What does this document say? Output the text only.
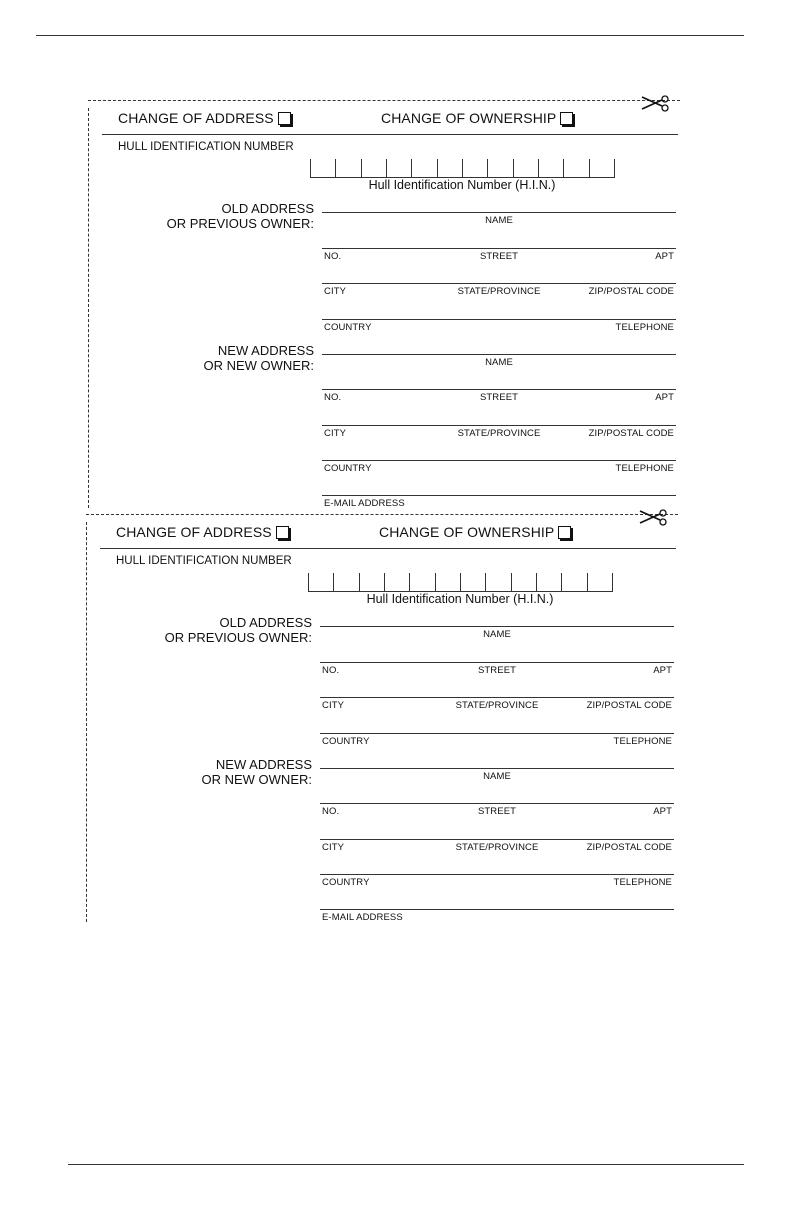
CHANGE OF ADDRESS	CHANGE OF OWNERSHIP
HULL IDENTIFICATION NUMBER
Hull Identification Number (H.I.N.)
OLD ADDRESS
OR PREVIOUS OWNER:	NAME
NO.	STREET	APT
CITY	STATE/PROVINCE	ZIP/POSTAL CODE
COUNTRY	TELEPHONE
NEW ADDRESS
OR NEW OWNER:	NAME
NO.	STREET	APT
CITY	STATE/PROVINCE	ZIP/POSTAL CODE
COUNTRY	TELEPHONE
E-MAIL ADDRESS
CHANGE OF ADDRESS	CHANGE OF OWNERSHIP
HULL IDENTIFICATION NUMBER
Hull Identification Number (H.I.N.)
OLD ADDRESS
OR PREVIOUS OWNER:	NAME
NO.	STREET	APT
CITY	STATE/PROVINCE	ZIP/POSTAL CODE
COUNTRY	TELEPHONE
NEW ADDRESS
OR NEW OWNER:	NAME
NO.	STREET	APT
CITY	STATE/PROVINCE	ZIP/POSTAL CODE
COUNTRY	TELEPHONE
E-MAIL ADDRESS
